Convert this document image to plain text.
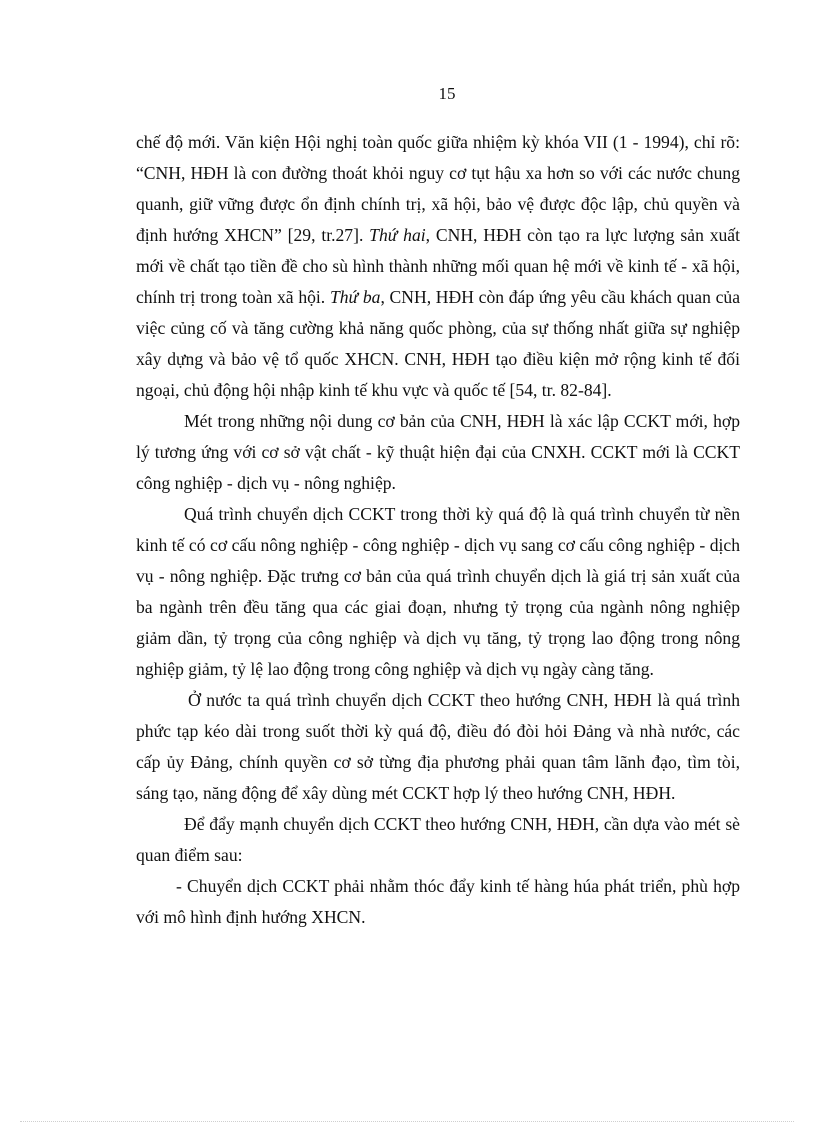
15

chế độ mới. Văn kiện Hội nghị toàn quốc giữa nhiệm kỳ khóa VII (1 - 1994), chỉ rõ: “CNH, HĐH là con đường thoát khỏi nguy cơ tụt hậu xa hơn so với các nước chung quanh, giữ vững được ổn định chính trị, xã hội, bảo vệ được độc lập, chủ quyền và định hướng XHCN” [29, tr.27]. Thứ hai, CNH, HĐH còn tạo ra lực lượng sản xuất mới về chất tạo tiền đề cho sù hình thành những mối quan hệ mới về kinh tế - xã hội, chính trị trong toàn xã hội. Thứ ba, CNH, HĐH còn đáp ứng yêu cầu khách quan của việc củng cố và tăng cường khả năng quốc phòng, của sự thống nhất giữa sự nghiệp xây dựng và bảo vệ tổ quốc XHCN. CNH, HĐH tạo điều kiện mở rộng kinh tế đối ngoại, chủ động hội nhập kinh tế khu vực và quốc tế [54, tr. 82-84].

Mét trong những nội dung cơ bản của CNH, HĐH là xác lập CCKT mới, hợp lý tương ứng với cơ sở vật chất - kỹ thuật hiện đại của CNXH. CCKT mới là CCKT công nghiệp - dịch vụ - nông nghiệp.

Quá trình chuyển dịch CCKT trong thời kỳ quá độ là quá trình chuyển từ nền kinh tế có cơ cấu nông nghiệp - công nghiệp - dịch vụ sang cơ cấu công nghiệp - dịch vụ - nông nghiệp. Đặc trưng cơ bản của quá trình chuyển dịch là giá trị sản xuất của ba ngành trên đều tăng qua các giai đoạn, nhưng tỷ trọng của ngành nông nghiệp giảm dần, tỷ trọng của công nghiệp và dịch vụ tăng, tỷ trọng lao động trong nông nghiệp giảm, tỷ lệ lao động trong công nghiệp và dịch vụ ngày càng tăng.

Ở nước ta quá trình chuyển dịch CCKT theo hướng CNH, HĐH là quá trình phức tạp kéo dài trong suốt thời kỳ quá độ, điều đó đòi hỏi Đảng và nhà nước, các cấp ủy Đảng, chính quyền cơ sở từng địa phương phải quan tâm lãnh đạo, tìm tòi, sáng tạo, năng động để xây dùng mét CCKT hợp lý theo hướng CNH, HĐH.

Để đẩy mạnh chuyển dịch CCKT theo hướng CNH, HĐH, cần dựa vào mét sè quan điểm sau:

- Chuyển dịch CCKT phải nhằm thóc đẩy kinh tế hàng húa phát triển, phù hợp với mô hình định hướng XHCN.
